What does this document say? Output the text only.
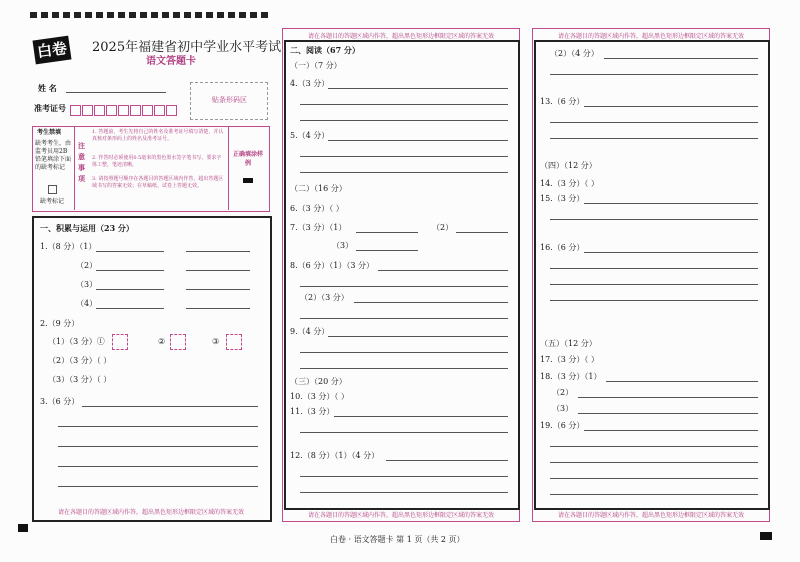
白卷 2025年福建省初中学业水平考试
语文答题卡
姓 名
准考证号
贴条形码区
考生禁填
缺考考生，由监考员用2B铅笔填涂下面的缺考标记
缺考标记
注意事项
1. 答题前，考生先将自己的姓名及准考证号填写清楚，并认真核对条形码上的姓名及准考证号。
2. 作答时必须使用0.5毫米的黑色墨水签字笔书写，要求字体工整，笔迹清晰。
3. 请按照题号顺序在各题目的答题区域内作答，超出答题区域书写的答案无效；在草稿纸、试卷上答题无效。
正确填涂样例
一、积累与运用（23 分）
1.（8 分）（1）
（2）
（3）
（4）
2.（9 分）
（1）（3 分）①	②	③
（2）（3 分）（ ）
（3）（3 分）（ ）
3.（6 分）
请在各题目的答题区域内作答，超出黑色矩形边框限定区域的答案无效
请在各题目的答题区域内作答，超出黑色矩形边框限定区域的答案无效
二、阅读（67 分）
（一）（7 分）
4.（3 分）
5.（4 分）
（二）（16 分）
6.（3 分）（ ）
7.（3 分）（1）	（2）
（3）
8.（6 分）（1）（3 分）
（2）（3 分）
9.（4 分）
（三）（20 分）
10.（3 分）（ ）
11.（3 分）
12.（8 分）（1）（4 分）
请在各题目的答题区域内作答，超出黑色矩形边框限定区域的答案无效
请在各题目的答题区域内作答，超出黑色矩形边框限定区域的答案无效
（2）（4 分）
13.（6 分）
（四）（12 分）
14.（3 分）（ ）
15.（3 分）
16.（6 分）
（五）（12 分）
17.（3 分）（ ）
18.（3 分）（1）
（2）
（3）
19.（6 分）
请在各题目的答题区域内作答，超出黑色矩形边框限定区域的答案无效
白卷 · 语文答题卡 第 1 页（共 2 页）
